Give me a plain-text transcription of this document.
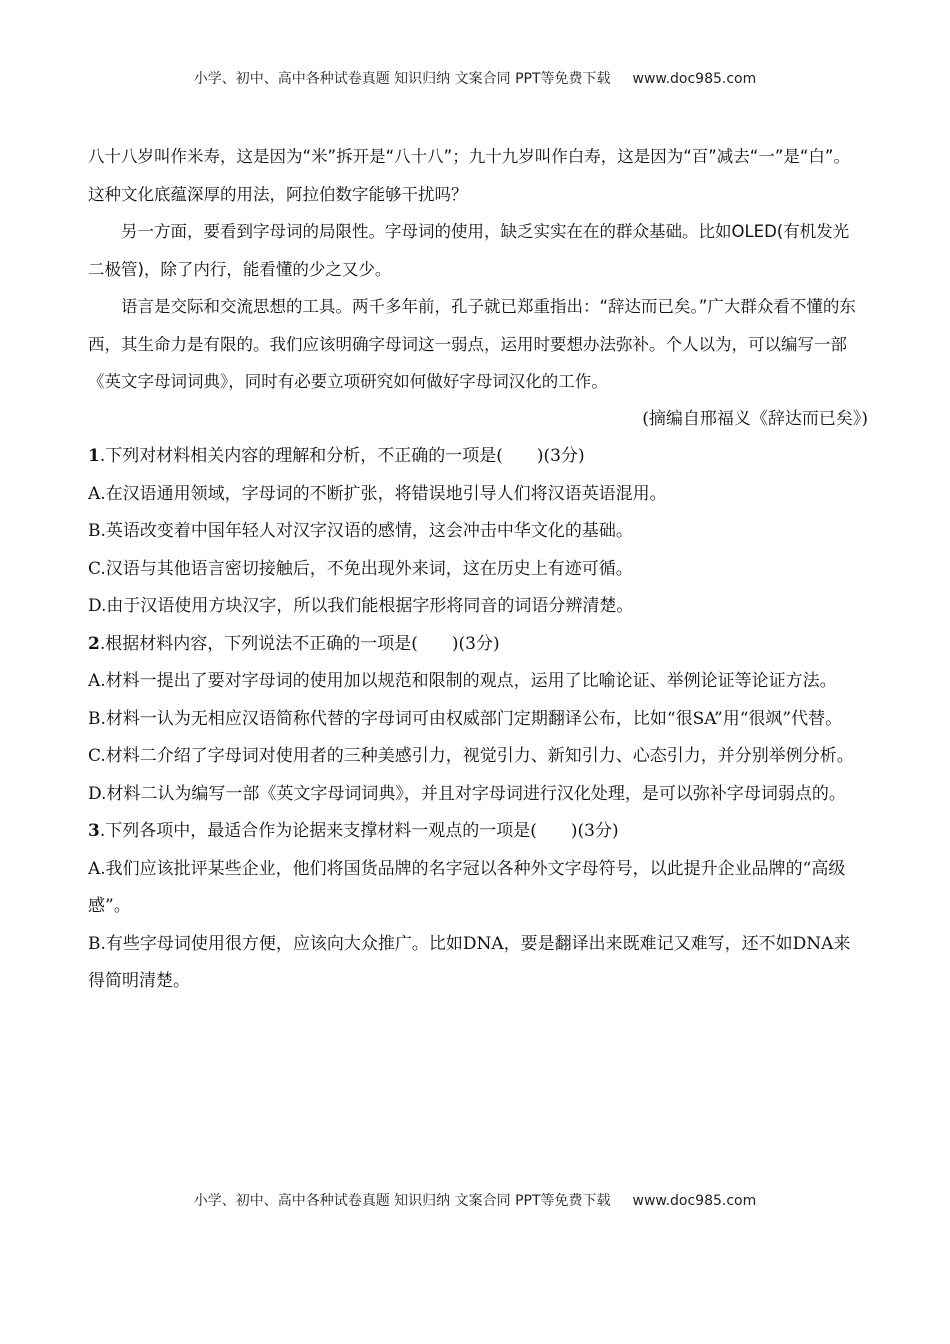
小学、初中、高中各种试卷真题 知识归纳 文案合同 PPT等免费下载 www.doc985.com

八十八岁叫作米寿，这是因为“米”拆开是“八十八”；九十九岁叫作白寿，这是因为“百”减去“一”是“白”。这种文化底蕴深厚的用法，阿拉伯数字能够干扰吗？

另一方面，要看到字母词的局限性。字母词的使用，缺乏实实在在的群众基础。比如OLED(有机发光二极管)，除了内行，能看懂的少之又少。

语言是交际和交流思想的工具。两千多年前，孔子就已郑重指出：“辞达而已矣。”广大群众看不懂的东西，其生命力是有限的。我们应该明确字母词这一弱点，运用时要想办法弥补。个人以为，可以编写一部《英文字母词词典》，同时有必要立项研究如何做好字母词汉化的工作。

(摘编自邢福义《辞达而已矣》)

1.下列对材料相关内容的理解和分析，不正确的一项是(　　)(3分)

A.在汉语通用领域，字母词的不断扩张，将错误地引导人们将汉语英语混用。

B.英语改变着中国年轻人对汉字汉语的感情，这会冲击中华文化的基础。

C.汉语与其他语言密切接触后，不免出现外来词，这在历史上有迹可循。

D.由于汉语使用方块汉字，所以我们能根据字形将同音的词语分辨清楚。

2.根据材料内容，下列说法不正确的一项是(　　)(3分)

A.材料一提出了要对字母词的使用加以规范和限制的观点，运用了比喻论证、举例论证等论证方法。

B.材料一认为无相应汉语简称代替的字母词可由权威部门定期翻译公布，比如“很SA”用“很飒”代替。

C.材料二介绍了字母词对使用者的三种美感引力，视觉引力、新知引力、心态引力，并分别举例分析。

D.材料二认为编写一部《英文字母词词典》，并且对字母词进行汉化处理，是可以弥补字母词弱点的。

3.下列各项中，最适合作为论据来支撑材料一观点的一项是(　　)(3分)

A.我们应该批评某些企业，他们将国货品牌的名字冠以各种外文字母符号，以此提升企业品牌的“高级感”。

B.有些字母词使用很方便，应该向大众推广。比如DNA，要是翻译出来既难记又难写，还不如DNA来得简明清楚。

小学、初中、高中各种试卷真题 知识归纳 文案合同 PPT等免费下载 www.doc985.com
